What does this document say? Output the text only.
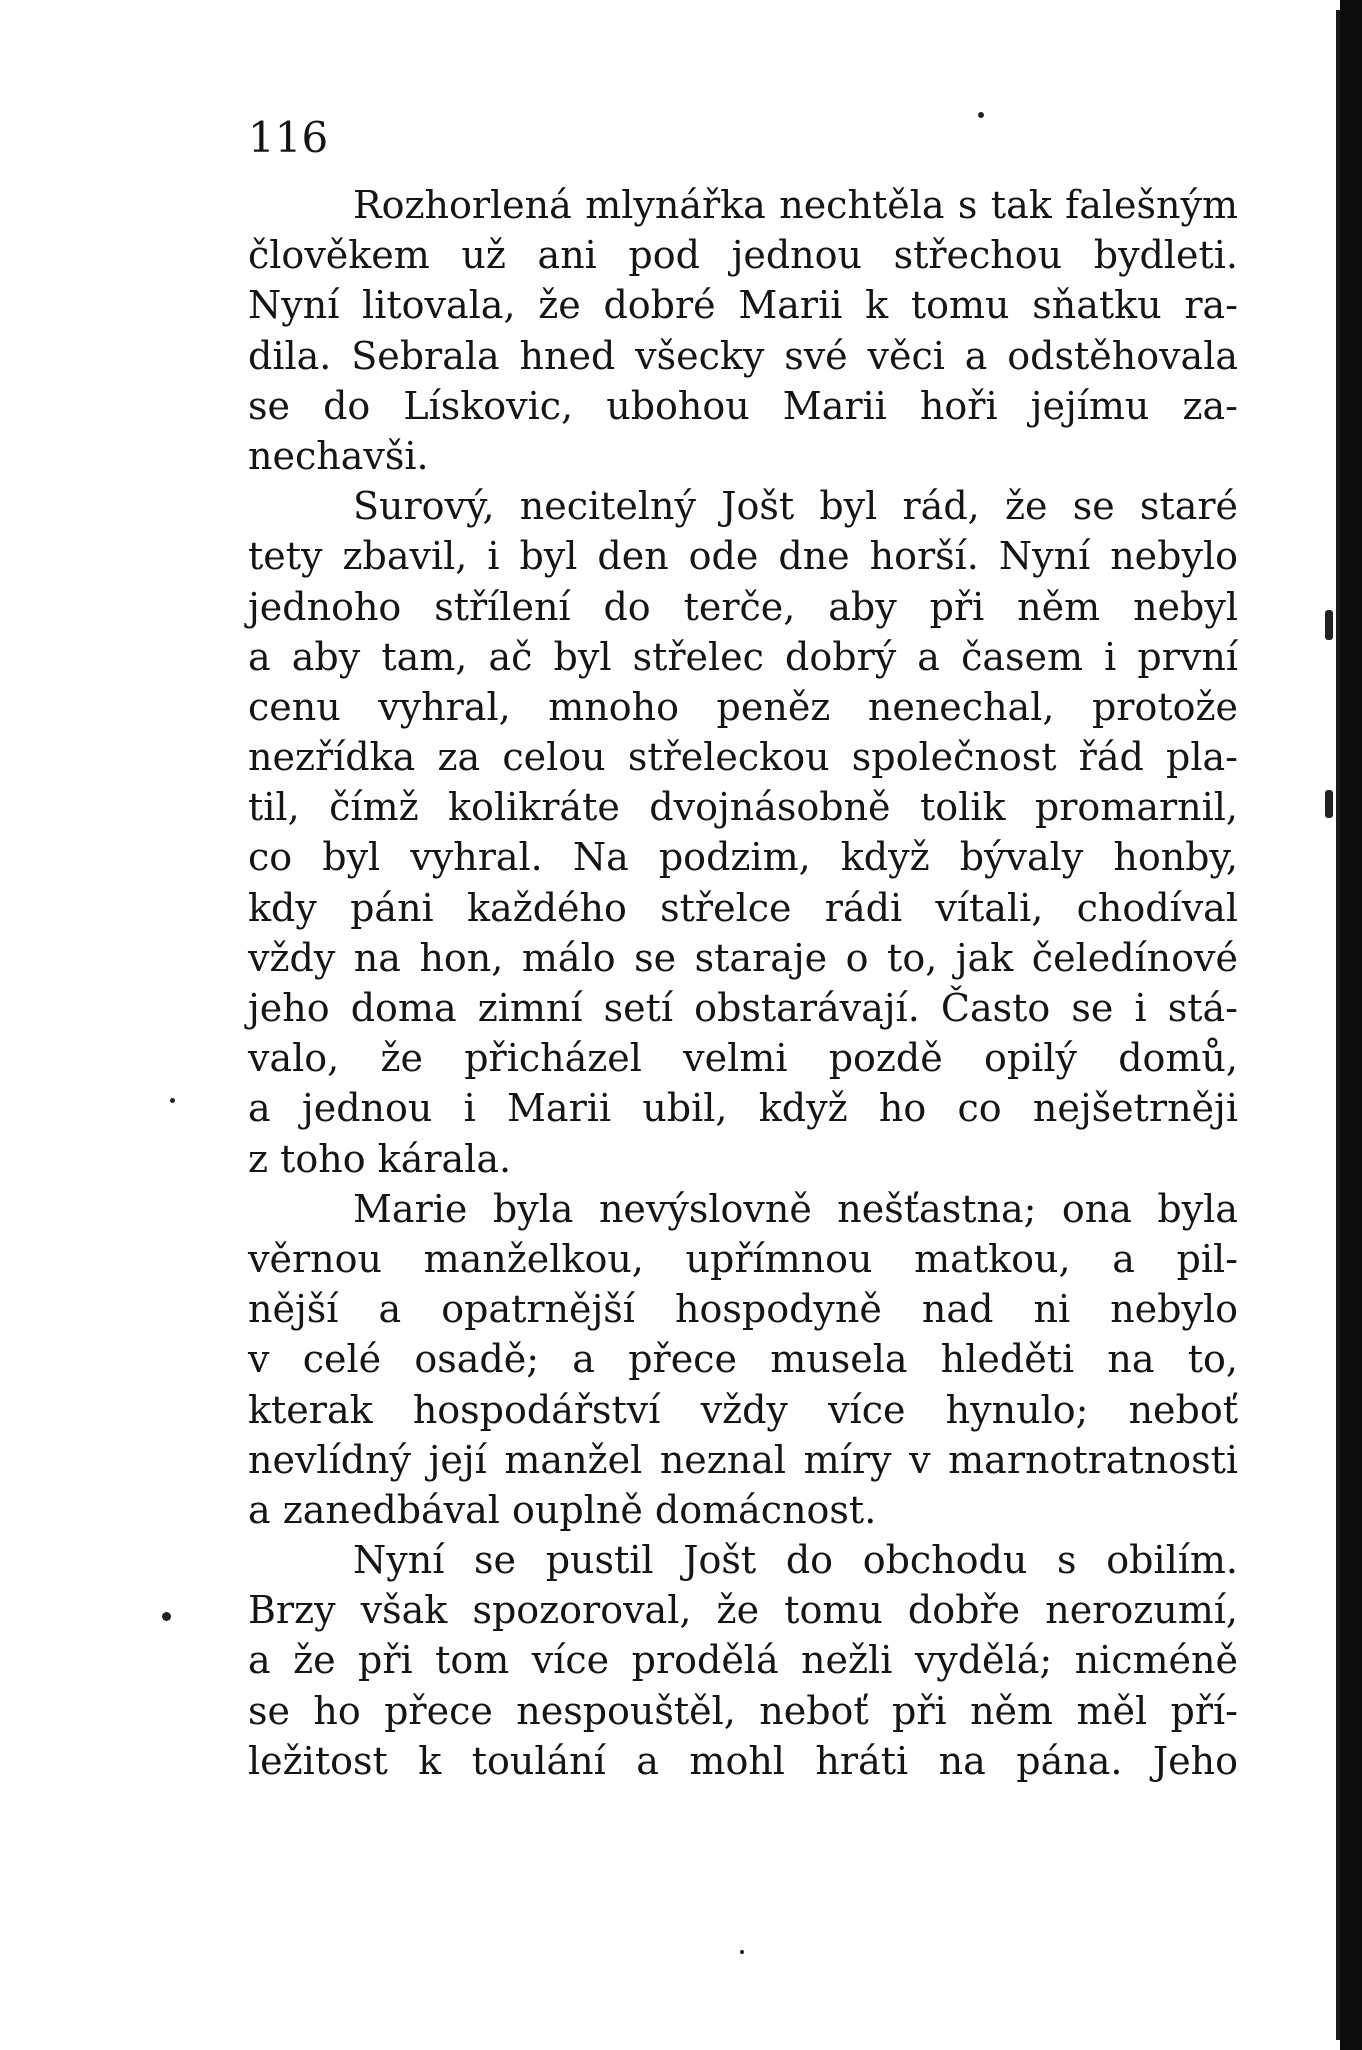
116
Rozhorlená mlynářka nechtěla s tak falešným
člověkem už ani pod jednou střechou bydleti.
Nyní litovala, že dobré Marii k tomu sňatku ra-
dila. Sebrala hned všecky své věci a odstěhovala
se do Lískovic, ubohou Marii hoři jejímu za-
nechavši.
Surový, necitelný Jošt byl rád, že se staré
tety zbavil, i byl den ode dne horší. Nyní nebylo
jednoho střílení do terče, aby při něm nebyl
a aby tam, ač byl střelec dobrý a časem i první
cenu vyhral, mnoho peněz nenechal, protože
nezřídka za celou střeleckou společnost řád pla-
til, čímž kolikráte dvojnásobně tolik promarnil,
co byl vyhral. Na podzim, když bývaly honby,
kdy páni každého střelce rádi vítali, chodíval
vždy na hon, málo se staraje o to, jak čeledínové
jeho doma zimní setí obstarávají. Často se i stá-
valo, že přicházel velmi pozdě opilý domů,
a jednou i Marii ubil, když ho co nejšetrněji
z toho kárala.
Marie byla nevýslovně nešťastna; ona byla
věrnou manželkou, upřímnou matkou, a pil-
nější a opatrnější hospodyně nad ni nebylo
v celé osadě; a přece musela hleděti na to,
kterak hospodářství vždy více hynulo; neboť
nevlídný její manžel neznal míry v marnotratnosti
a zanedbával ouplně domácnost.
Nyní se pustil Jošt do obchodu s obilím.
Brzy však spozoroval, že tomu dobře nerozumí,
a že při tom více prodělá nežli vydělá; nicméně
se ho přece nespouštěl, neboť při něm měl pří-
ležitost k toulání a mohl hráti na pána. Jeho
